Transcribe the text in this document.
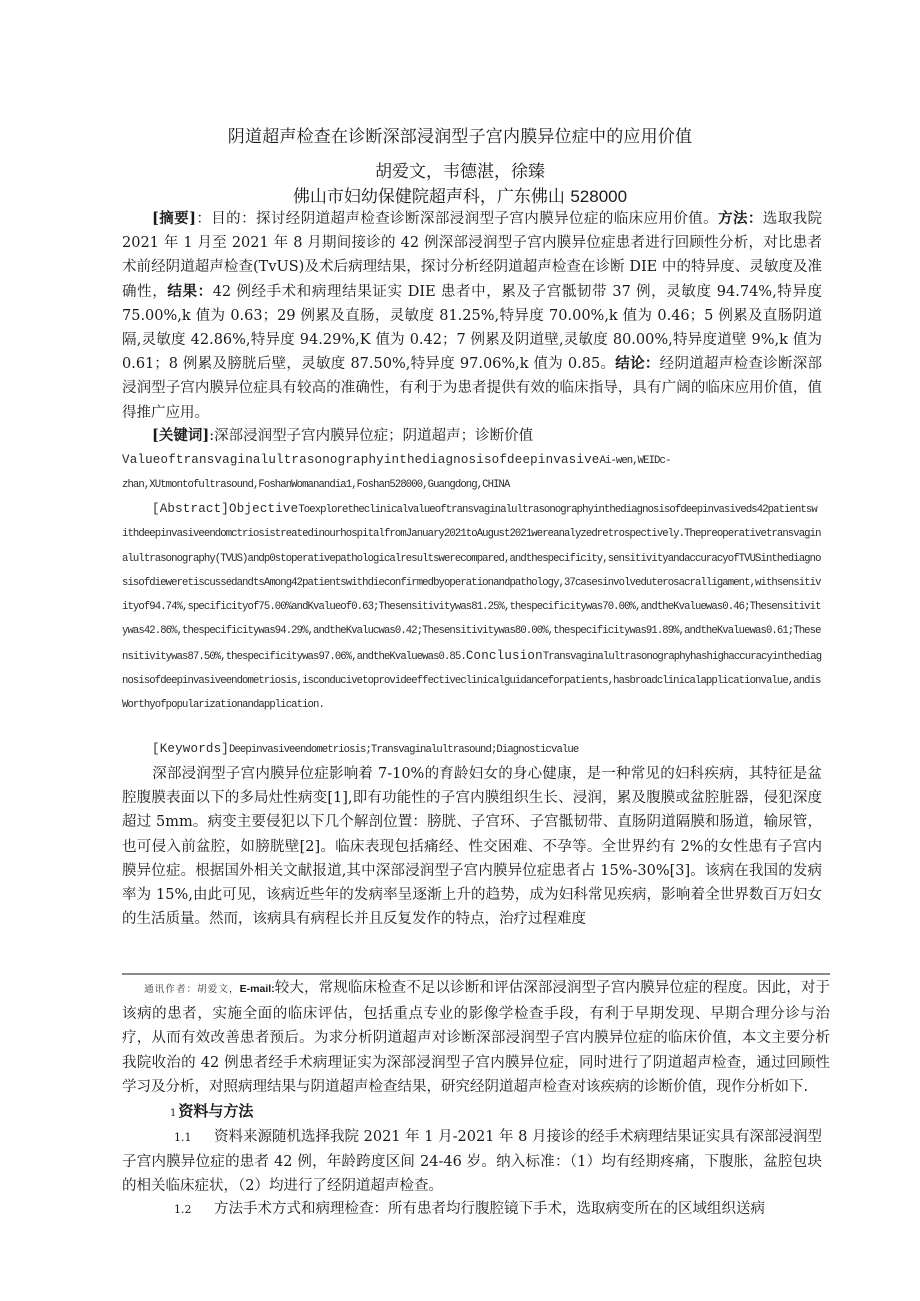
阴道超声检查在诊断深部浸润型子宫内膜异位症中的应用价值
胡爱文，韦德湛，徐臻
佛山市妇幼保健院超声科，广东佛山 528000
[摘要]：目的：探讨经阴道超声检查诊断深部浸润型子宫内膜异位症的临床应用价值。方法：选取我院 2021 年 1 月至 2021 年 8 月期间接诊的 42 例深部浸润型子宫内膜异位症患者进行回顾性分析，对比患者术前经阴道超声检查(TvUS)及术后病理结果，探讨分析经阴道超声检查在诊断 DIE 中的特异度、灵敏度及准确性，结果：42 例经手术和病理结果证实 DIE 患者中，累及子宫骶韧带 37 例，灵敏度 94.74%,特异度 75.00%,k 值为 0.63；29 例累及直肠，灵敏度 81.25%,特异度 70.00%,k 值为 0.46；5 例累及直肠阴道隔,灵敏度 42.86%,特异度 94.29%,K 值为 0.42；7 例累及阴道壁,灵敏度 80.00%,特异度道壁 9%,k 值为 0.61；8 例累及膀胱后壁，灵敏度 87.50%,特异度 97.06%,k 值为 0.85。结论：经阴道超声检查诊断深部浸润型子宫内膜异位症具有较高的准确性，有利于为患者提供有效的临床指导，具有广阔的临床应用价值，值得推广应用。
[关键词]:深部浸润型子宫内膜异位症；阴道超声；诊断价值
ValueoftransvaginalultrasonographyinthediagnosisofdeepinvasiveAi-wen,WEIDc-
zhan,XUtmontofultrasound,FoshanWomanandia1,Foshan528000,Guangdong,CHINA
[Abstract]ObjectiveToexploretheclinicalvalueoftransvaginalultrasonographyinthediagnosisofdeepinvasiveds42patientswithdeepinvasiveendomctriosistreatedinourhospitalfromJanuary2021toAugust2021wereanalyzedretrospectively.Thepreoperativetransvaginalultrasonography(TVUS)andp0stoperativepathologicalresultswerecompared,andthespecificity,sensitivityandaccuracyofTVUSinthediagnosisofdieweretiscussedandtsAmong42patientswithdieconfirmedbyoperationandpathology,37casesinvolveduterosacralligament,withsensitivityof94.74%,specificityof75.00%andKvalueof0.63;Thesensitivitywas81.25%,thespecificitywas70.00%,andtheKvaluewas0.46;Thesensitivitywas42.86%,thespecificitywas94.29%,andtheKvalucwas0.42;Thesensitivitywas80.00%,thespecificitywas91.89%,andtheKvaluewas0.61;Thesensitivitywas87.50%,thespecificitywas97.06%,andtheKvaluewas0.85.ConclusionTransvaginalultrasonographyhashighaccuracyinthediagnosisofdeepinvasiveendometriosis,isconducivetoprovideeffectiveclinicalguidanceforpatients,hasbroadclinicalapplicationvalue,andisWorthyofpopularizationandapplication.
[Keywords]Deepinvasiveendometriosis;Transvaginalultrasound;Diagnosticvalue
深部浸润型子宫内膜异位症影响着 7-10%的育龄妇女的身心健康，是一种常见的妇科疾病，其特征是盆腔腹膜表面以下的多局灶性病变[1],即有功能性的子宫内膜组织生长、浸润，累及腹膜或盆腔脏器，侵犯深度超过 5mm。病变主要侵犯以下几个解剖位置：膀胱、子宫环、子宫骶韧带、直肠阴道隔膜和肠道，输尿管，也可侵入前盆腔，如膀胱壁[2]。临床表现包括痛经、性交困难、不孕等。全世界约有 2%的女性患有子宫内膜异位症。根据国外相关文献报道,其中深部浸润型子宫内膜异位症患者占 15%-30%[3]。该病在我国的发病率为 15%,由此可见，该病近些年的发病率呈逐渐上升的趋势，成为妇科常见疾病，影响着全世界数百万妇女的生活质量。然而，该病具有病程长并且反复发作的特点，治疗过程难度
通讯作者：胡爱文，E-mail:较大，常规临床检查不足以诊断和评估深部浸润型子宫内膜异位症的程度。因此，对于该病的患者，实施全面的临床评估，包括重点专业的影像学检查手段，有利于早期发现、早期合理分诊与治疗，从而有效改善患者预后。为求分析阴道超声对诊断深部浸润型子宫内膜异位症的临床价值，本文主要分析我院收治的 42 例患者经手术病理证实为深部浸润型子宫内膜异位症，同时进行了阴道超声检查，通过回顾性学习及分析，对照病理结果与阴道超声检查结果，研究经阴道超声检查对该疾病的诊断价值，现作分析如下.
1 资料与方法
1.1 资料来源随机选择我院 2021 年 1 月-2021 年 8 月接诊的经手术病理结果证实具有深部浸润型子宫内膜异位症的患者 42 例，年龄跨度区间 24-46 岁。纳入标准：（1）均有经期疼痛，下腹胀，盆腔包块的相关临床症状，（2）均进行了经阴道超声检查。
1.2 方法手术方式和病理检查：所有患者均行腹腔镜下手术，选取病变所在的区域组织送病
